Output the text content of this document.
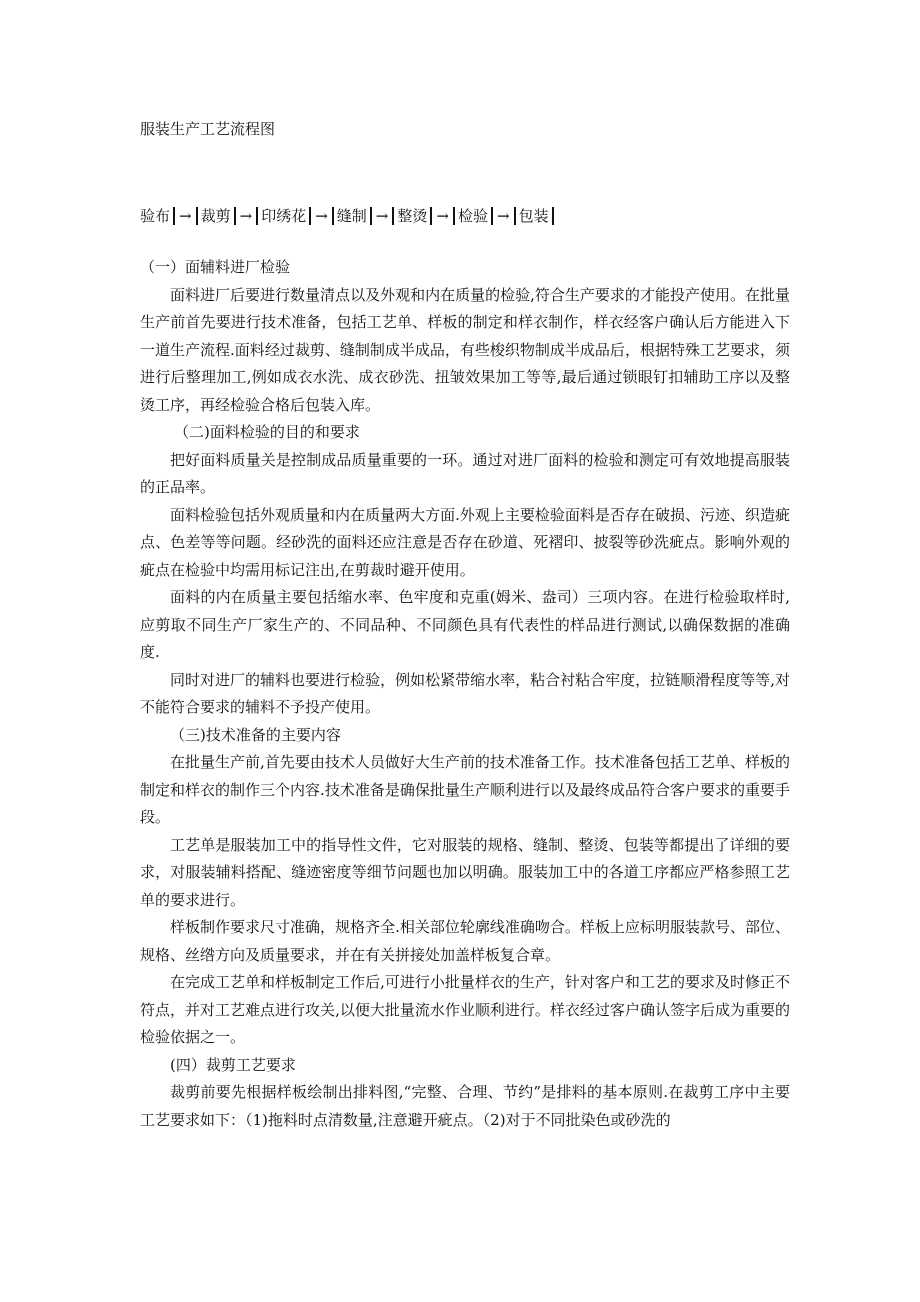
服装生产工艺流程图
验布 → 裁剪 → 印绣花 → 缝制 → 整烫 → 检验 → 包装

（一）面辅料进厂检验

面料进厂后要进行数量清点以及外观和内在质量的检验,符合生产要求的才能投产使用。在批量生产前首先要进行技术准备，包括工艺单、样板的制定和样衣制作，样衣经客户确认后方能进入下一道生产流程.面料经过裁剪、缝制制成半成品，有些梭织物制成半成品后，根据特殊工艺要求，须进行后整理加工,例如成衣水洗、成衣砂洗、扭皱效果加工等等,最后通过锁眼钉扣辅助工序以及整烫工序，再经检验合格后包装入库。

（二)面料检验的目的和要求

把好面料质量关是控制成品质量重要的一环。通过对进厂面料的检验和测定可有效地提高服装的正品率。

面料检验包括外观质量和内在质量两大方面.外观上主要检验面料是否存在破损、污迹、织造疵点、色差等等问题。经砂洗的面料还应注意是否存在砂道、死褶印、披裂等砂洗疵点。影响外观的疵点在检验中均需用标记注出,在剪裁时避开使用。

面料的内在质量主要包括缩水率、色牢度和克重(姆米、盎司）三项内容。在进行检验取样时,应剪取不同生产厂家生产的、不同品种、不同颜色具有代表性的样品进行测试,以确保数据的准确度.

同时对进厂的辅料也要进行检验，例如松紧带缩水率，粘合衬粘合牢度，拉链顺滑程度等等,对不能符合要求的辅料不予投产使用。

（三)技术准备的主要内容

在批量生产前,首先要由技术人员做好大生产前的技术准备工作。技术准备包括工艺单、样板的制定和样衣的制作三个内容.技术准备是确保批量生产顺利进行以及最终成品符合客户要求的重要手段。

工艺单是服装加工中的指导性文件，它对服装的规格、缝制、整烫、包装等都提出了详细的要求，对服装辅料搭配、缝迹密度等细节问题也加以明确。服装加工中的各道工序都应严格参照工艺单的要求进行。

样板制作要求尺寸准确，规格齐全.相关部位轮廓线准确吻合。样板上应标明服装款号、部位、规格、丝绺方向及质量要求，并在有关拼接处加盖样板复合章。

在完成工艺单和样板制定工作后,可进行小批量样衣的生产，针对客户和工艺的要求及时修正不符点，并对工艺难点进行攻关,以便大批量流水作业顺利进行。样衣经过客户确认签字后成为重要的检验依据之一。

(四）裁剪工艺要求

裁剪前要先根据样板绘制出排料图,“完整、合理、节约”是排料的基本原则.在裁剪工序中主要工艺要求如下：（1)拖料时点清数量,注意避开疵点。（2)对于不同批染色或砂洗的
